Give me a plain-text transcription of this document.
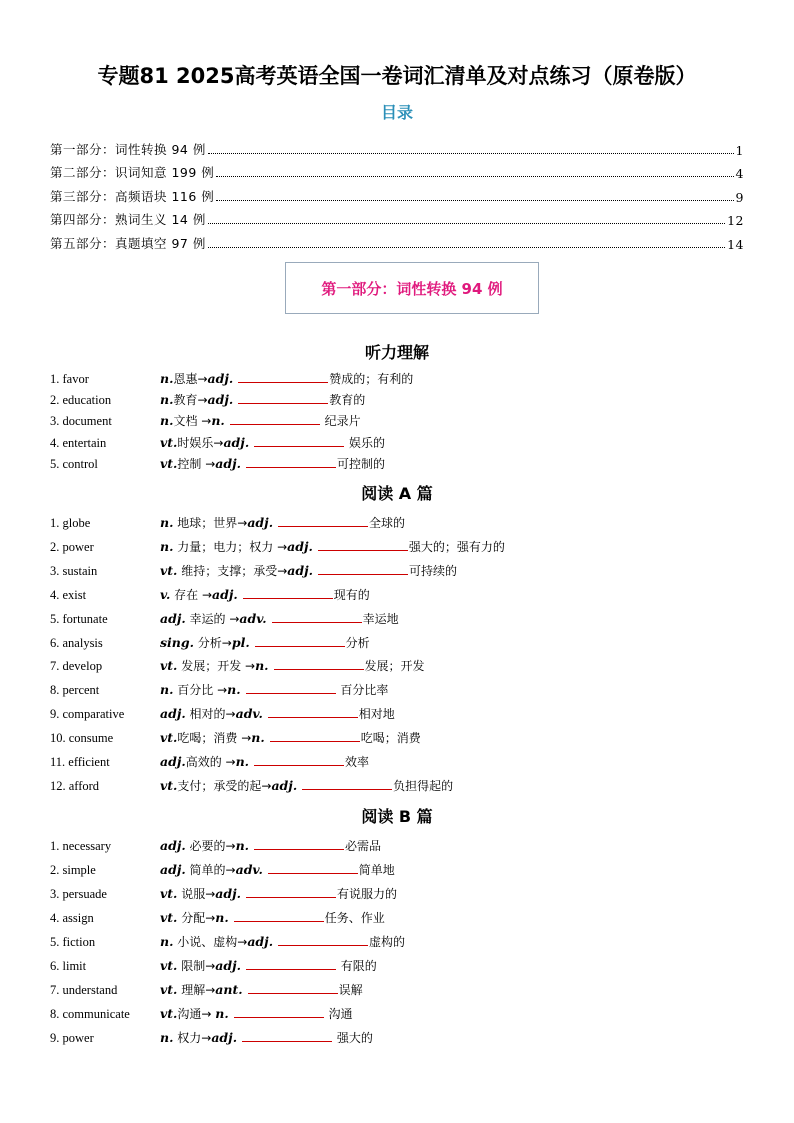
专题81 2025高考英语全国一卷词汇清单及对点练习（原卷版）
目录
第一部分：词性转换 94 例	1
第二部分：识词知意 199 例	4
第三部分：高频语块 116 例	9
第四部分：熟词生义 14 例	12
第五部分：真题填空 97 例	14
第一部分：词性转换 94 例
听力理解
1. favor	n.恩惠→adj.	赞成的；有利的
2. education	n.教育→adj.	教育的
3. document	n.文档 →n.	纪录片
4. entertain	vt.时娱乐→adj.	娱乐的
5. control	vt.控制 →adj.	可控制的
阅读 A 篇
1. globe	n. 地球；世界→adj.	全球的
2. power	n. 力量；电力；权力 →adj.	强大的；强有力的
3. sustain	vt. 维持；支撑；承受→adj.	可持续的
4. exist	v. 存在 →adj.	现有的
5. fortunate	adj. 幸运的 →adv.	幸运地
6. analysis	sing. 分析→pl.	分析
7. develop	vt. 发展；开发 →n.	发展；开发
8. percent	n. 百分比 →n.	百分比率
9. comparative	adj. 相对的→adv.	相对地
10. consume	vt.吃喝；消费 →n.	吃喝；消费
11. efficient	adj.高效的 →n.	效率
12. afford	vt.支付；承受的起→adj.	负担得起的
阅读 B 篇
1. necessary	adj. 必要的→n.	必需品
2. simple	adj. 简单的→adv.	简单地
3. persuade	vt. 说服→adj.	有说服力的
4. assign	vt. 分配→n.	任务、作业
5. fiction	n. 小说、虚构→adj.	虚构的
6. limit	vt. 限制→adj.	有限的
7. understand	vt. 理解→ant.	误解
8. communicate vt.沟通→ n.	沟通
9. power	n. 权力→adj.	强大的
